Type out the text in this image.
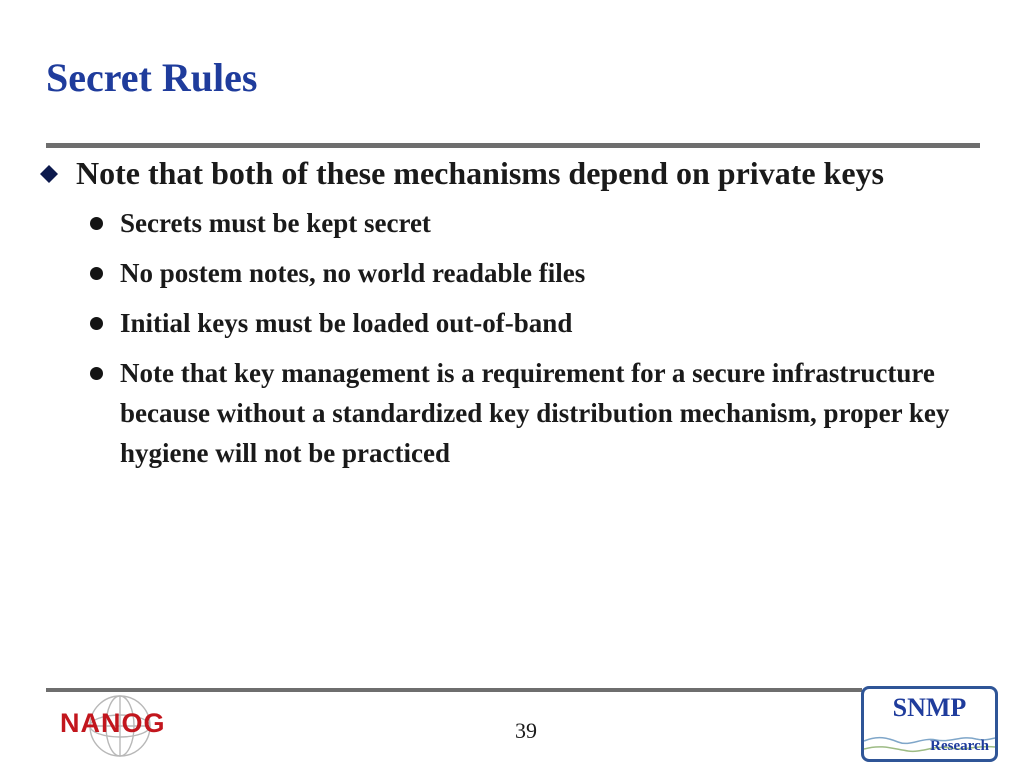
Secret Rules

Note that both of these mechanisms depend on private keys

Secrets must be kept secret
No postem notes, no world readable files
Initial keys must be loaded out-of-band
Note that key management is a requirement for a secure infrastructure because without a standardized key distribution mechanism, proper key hygiene will not be practiced
NANOG	39
SNMP
Research
